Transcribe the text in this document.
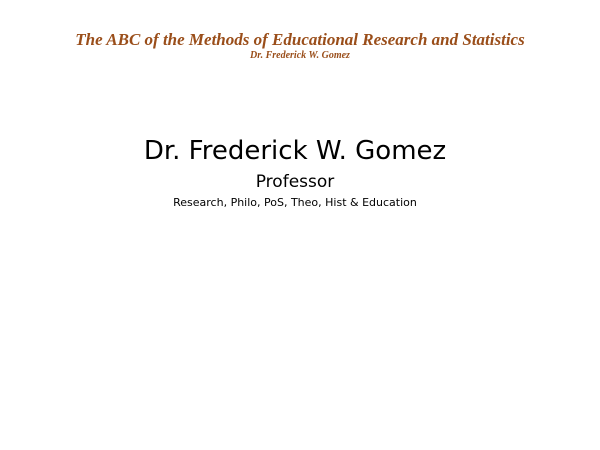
The ABC of the Methods of Educational Research and Statistics
Dr. Frederick W. Gomez
Dr. Frederick W. Gomez
Professor
Research, Philo, PoS, Theo, Hist & Education
